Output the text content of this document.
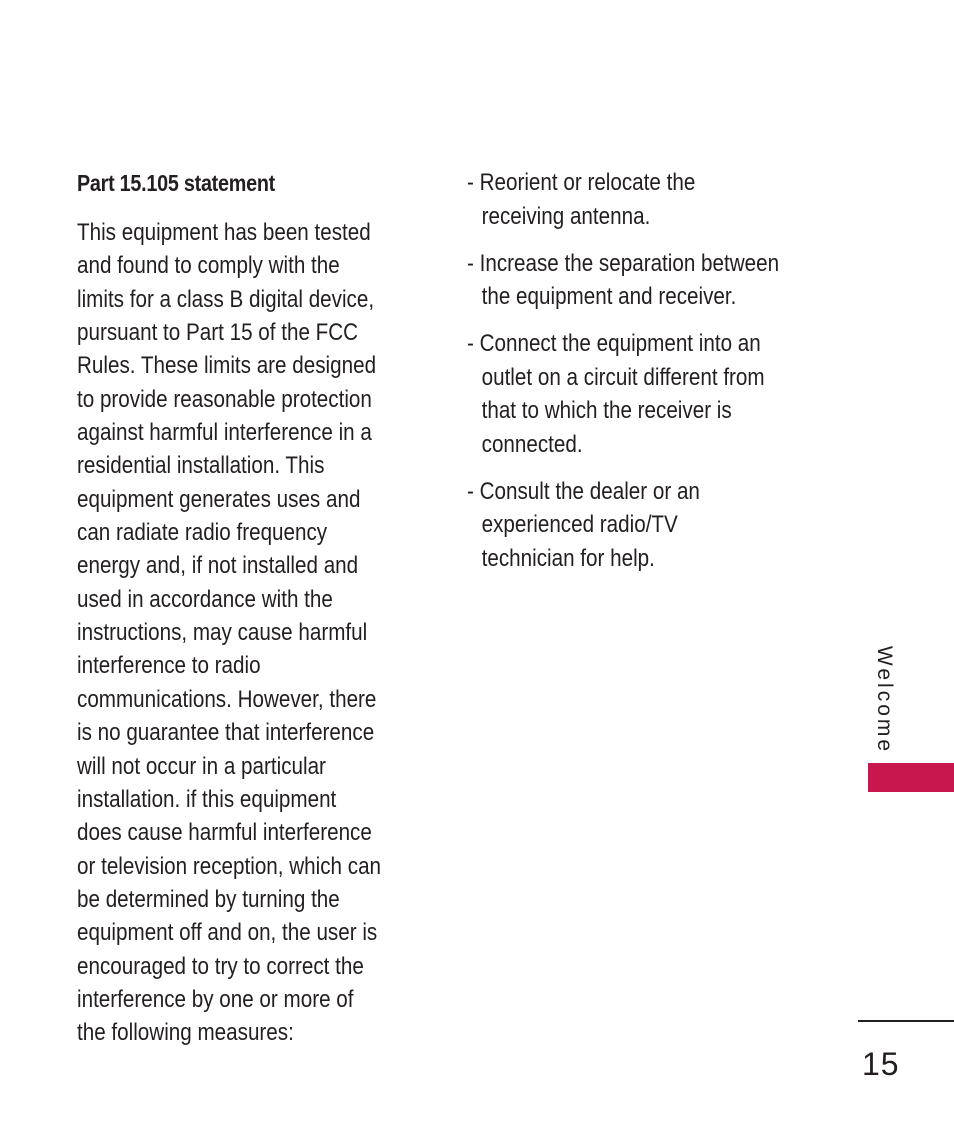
Part 15.105 statement
This equipment has been tested
and found to comply with the
limits for a class B digital device,
pursuant to Part 15 of the FCC
Rules. These limits are designed
to provide reasonable protection
against harmful interference in a
residential installation. This
equipment generates uses and
can radiate radio frequency
energy and, if not installed and
used in accordance with the
instructions, may cause harmful
interference to radio
communications. However, there
is no guarantee that interference
will not occur in a particular
installation. if this equipment
does cause harmful interference
or television reception, which can
be determined by turning the
equipment off and on, the user is
encouraged to try to correct the
interference by one or more of
the following measures:
- Reorient or relocate the
receiving antenna.
- Increase the separation between
the equipment and receiver.
- Connect the equipment into an
outlet on a circuit different from
that to which the receiver is
connected.
- Consult the dealer or an
experienced radio/TV
technician for help.
Welcome
15
